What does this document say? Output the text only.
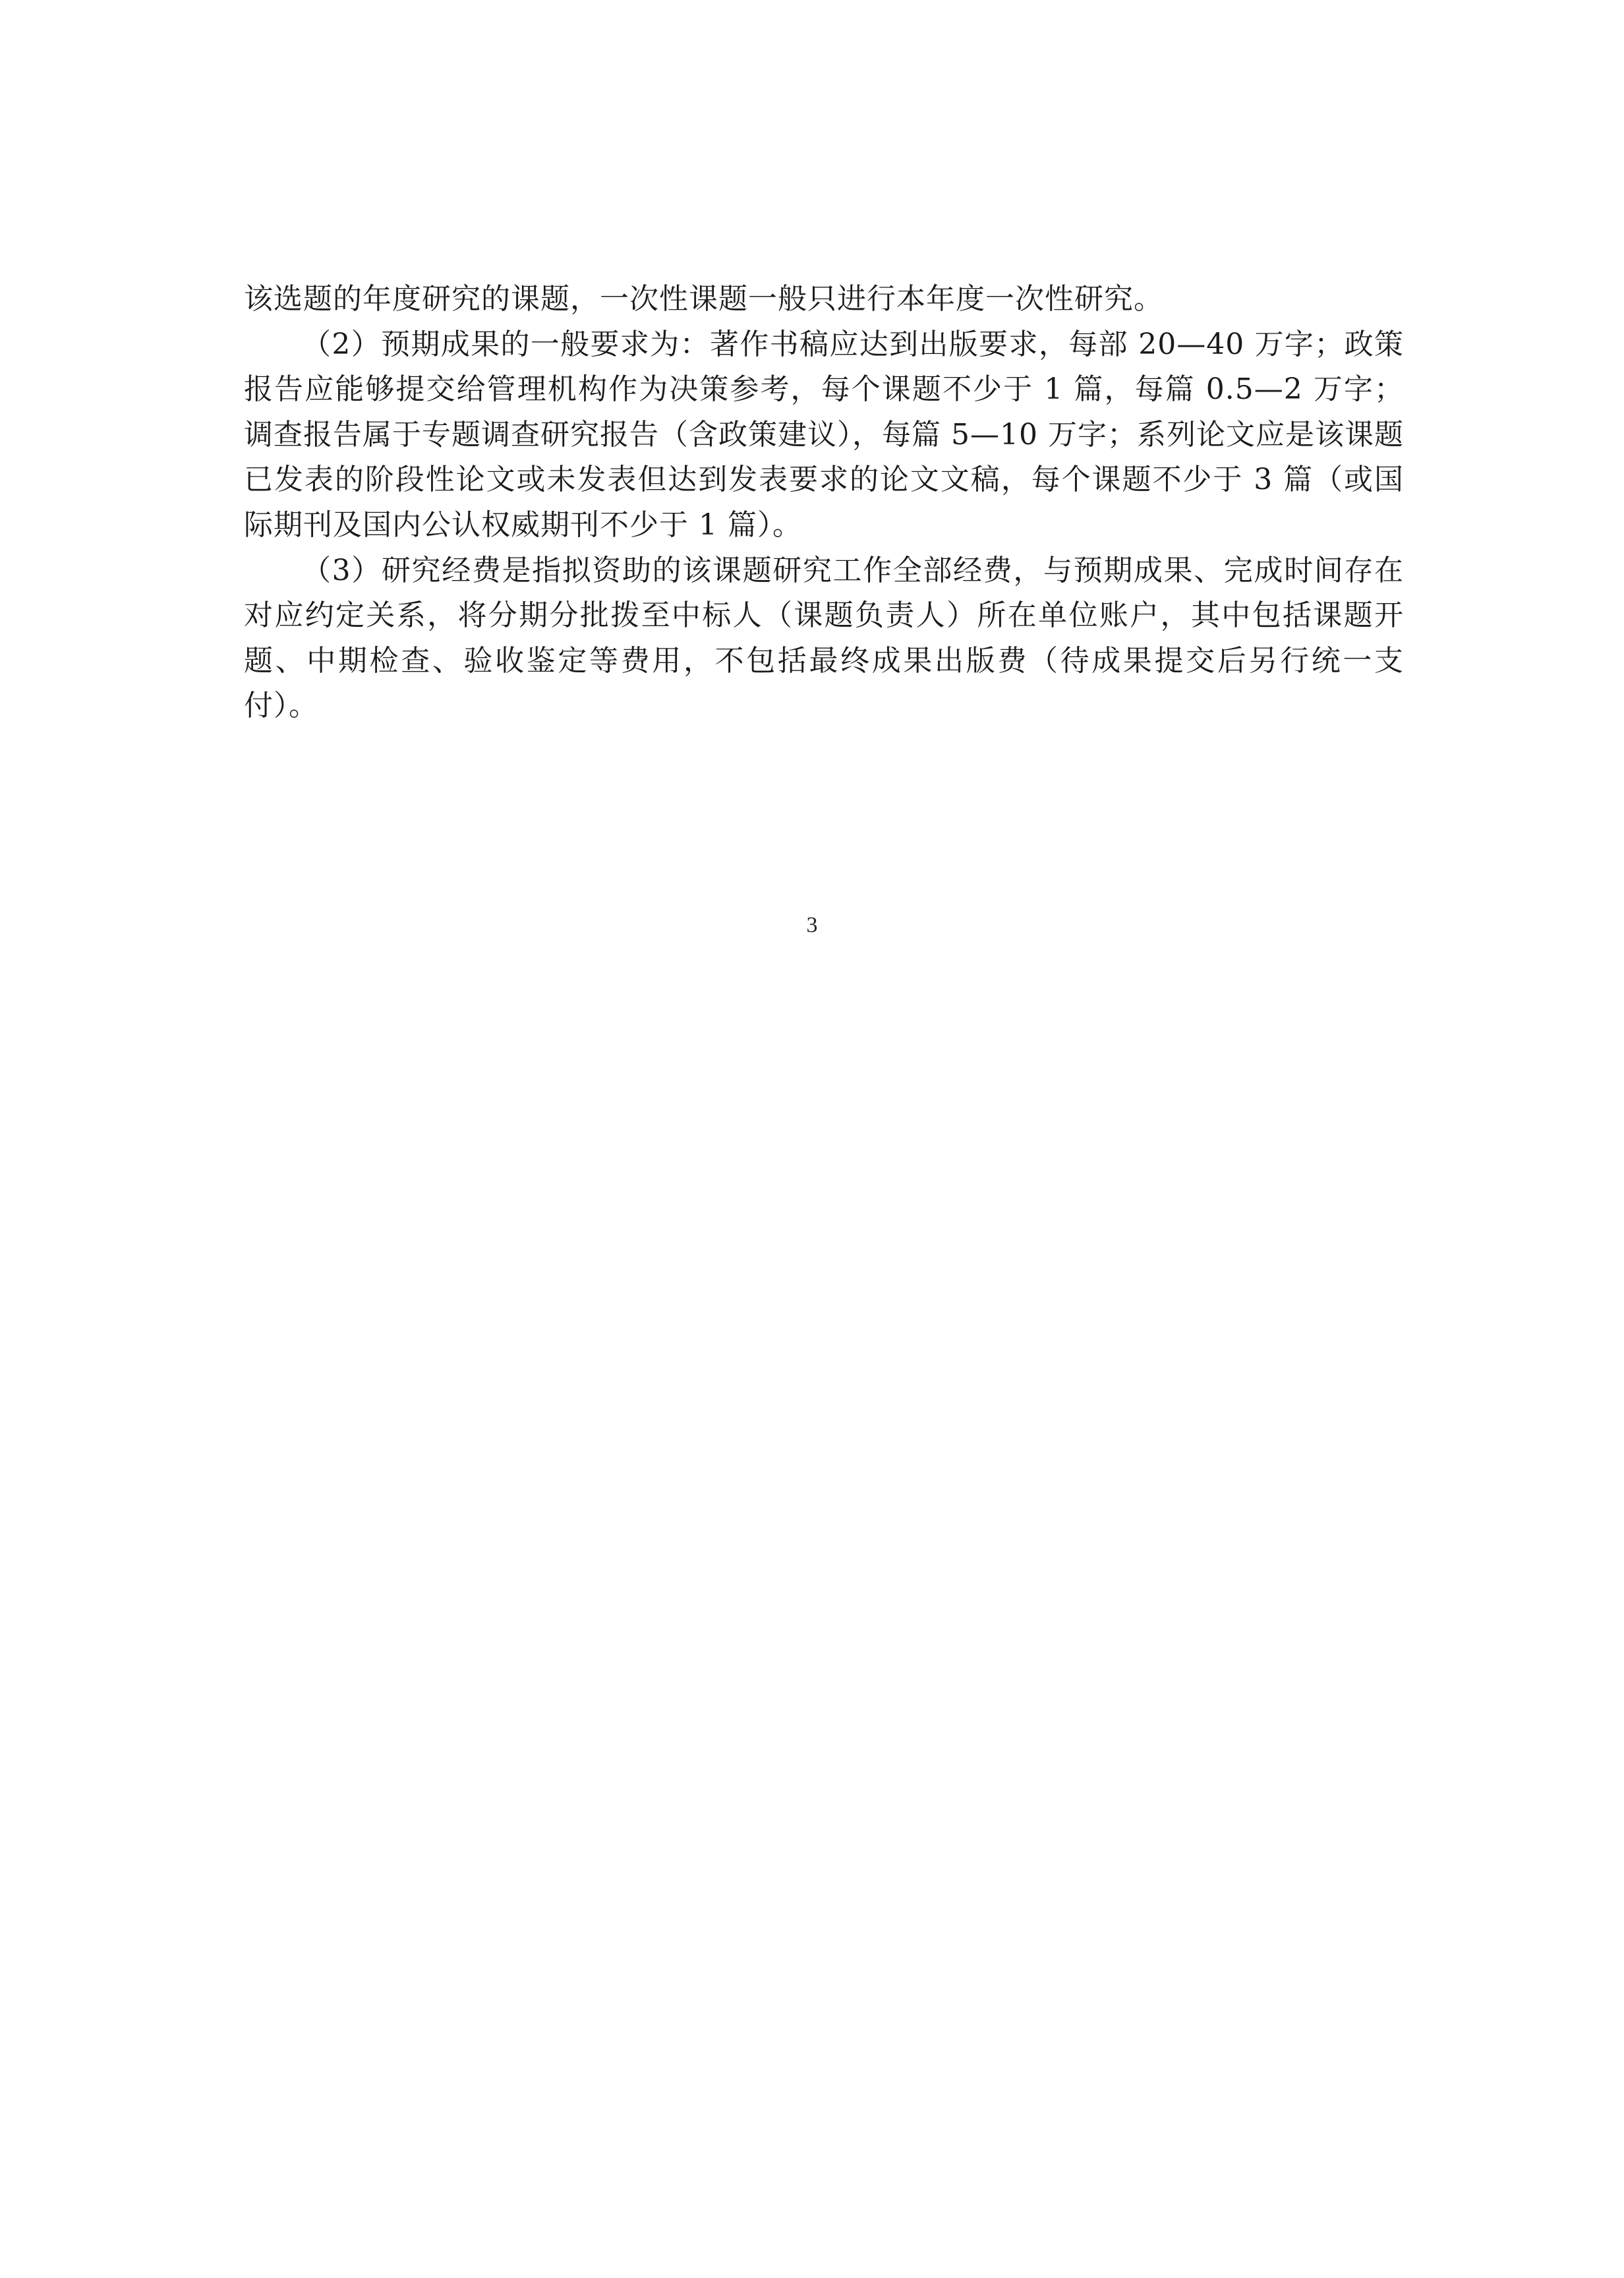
该选题的年度研究的课题，一次性课题一般只进行本年度一次性研究。

（2）预期成果的一般要求为：著作书稿应达到出版要求，每部 20—40 万字；政策报告应能够提交给管理机构作为决策参考，每个课题不少于 1 篇，每篇 0.5—2 万字；调查报告属于专题调查研究报告（含政策建议），每篇 5—10 万字；系列论文应是该课题已发表的阶段性论文或未发表但达到发表要求的论文文稿，每个课题不少于 3 篇（或国际期刊及国内公认权威期刊不少于 1 篇）。

（3）研究经费是指拟资助的该课题研究工作全部经费，与预期成果、完成时间存在对应约定关系，将分期分批拨至中标人（课题负责人）所在单位账户，其中包括课题开题、中期检查、验收鉴定等费用，不包括最终成果出版费（待成果提交后另行统一支付）。

3
